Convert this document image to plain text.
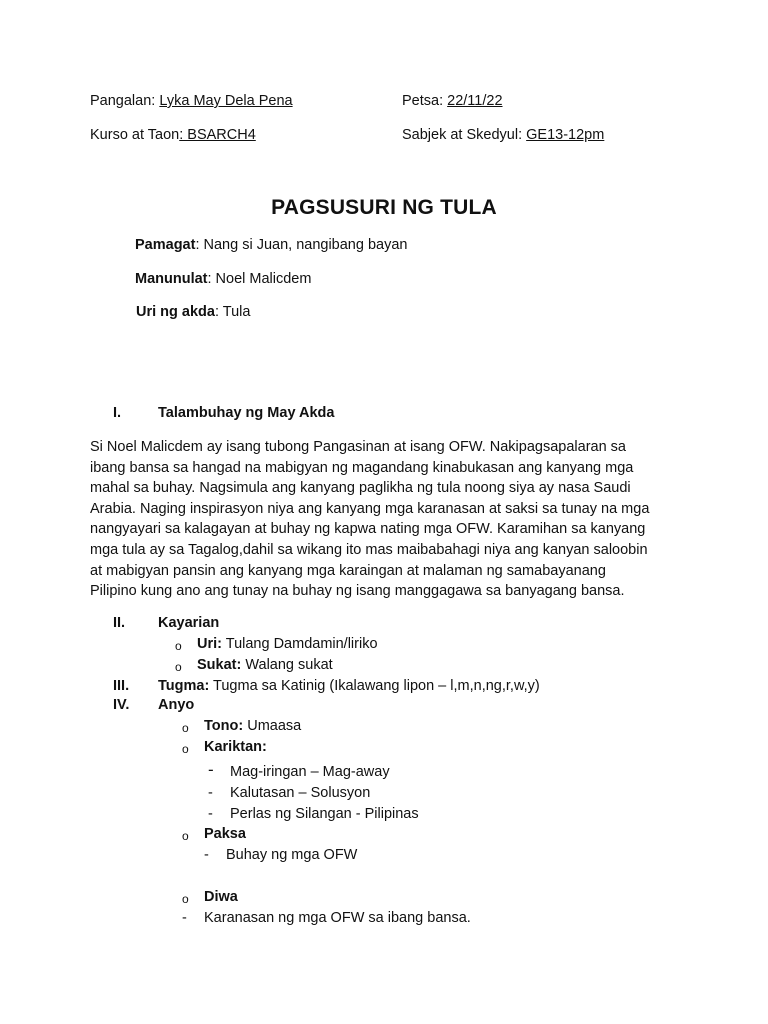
Pangalan: Lyka May Dela Pena	Petsa: 22/11/22
Kurso at Taon: BSARCH4	Sabjek at Skedyul: GE13-12pm
PAGSUSURI NG TULA
Pamagat: Nang si Juan, nangibang bayan
Manunulat: Noel Malicdem
Uri ng akda: Tula
I.	Talambuhay ng May Akda
Si Noel Malicdem ay isang tubong Pangasinan at isang OFW. Nakipagsapalaran sa
ibang bansa sa hangad na mabigyan ng magandang kinabukasan ang kanyang mga
mahal sa buhay. Nagsimula ang kanyang paglikha ng tula noong siya ay nasa Saudi
Arabia. Naging inspirasyon niya ang kanyang mga karanasan at saksi sa tunay na mga
nangyayari sa kalagayan at buhay ng kapwa nating mga OFW. Karamihan sa kanyang
mga tula ay sa Tagalog,dahil sa wikang ito mas maibabahagi niya ang kanyan saloobin
at mabigyan pansin ang kanyang mga karaingan at malaman ng samabayanang
Pilipino kung ano ang tunay na buhay ng isang manggagawa sa banyagang bansa.
II. Kayarian
o Uri: Tulang Damdamin/liriko
o Sukat: Walang sukat
III. Tugma: Tugma sa Katinig (Ikalawang lipon – l,m,n,ng,r,w,y)
IV. Anyo
o Tono: Umaasa
o Kariktan:
- Mag-iringan – Mag-away
- Kalutasan – Solusyon
- Perlas ng Silangan - Pilipinas
o Paksa
- Buhay ng mga OFW
o Diwa
- Karanasan ng mga OFW sa ibang bansa.
